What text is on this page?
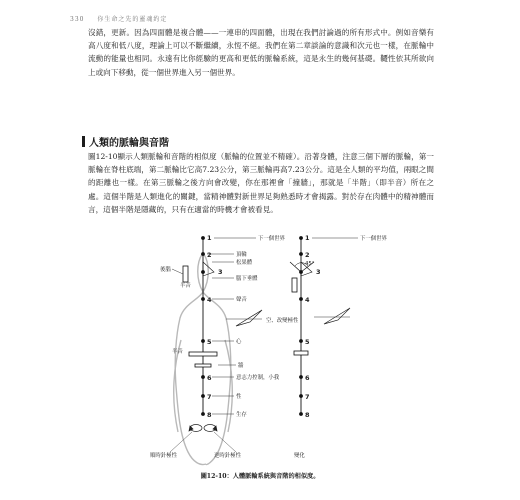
330 你生命之先的靈魂約定

沒錯，更新。因為四面體是複合體——一連串的四面體，出現在我們討論過的所有形式中。例如音樂有高八度和低八度，理論上可以不斷繼續，永恆不絕。我們在第二章談論的意識和次元也一樣，在脈輪中流動的能量也相同。永遠有比你經驗的更高和更低的脈輪系統，這是永生的幾何基礎。韆性依其所欲向上或向下移動，從一個世界進入另一個世界。

人類的脈輪與音階

圖12-10顯示人類脈輪和音階的相似度（脈輪的位置並不精確）。沿著身體，注意三個下層的脈輪，第一脈輪在脊柱底端，第二脈輪比它高7.23公分，第三脈輪再高7.23公分。這是全人類的平均值，兩眼之間的距離也一樣。在第三脈輪之後方向會改變，你在那裡會「撞牆」，那就是「半階」（即半音）所在之處。這個半階是人類進化的關鍵，當精神體對新世界足夠熟悉時才會揭露。對於存在肉體中的精神體而言，這個半階是隱藏的，只有在適當的時機才會被看見。

1
2
3
4
5
6
7
8
下一個世界
頂輪
松果體
腦下垂體
後腦
半音
聲音
空、改變極性
心
半音
牆
意志力控制，小我
性
生存
順時針極性	逆時針極性
1
2
3
4
5
6
7
8
下一個世界
45°
變化
圖12-10：人體脈輪系統與音階的相似度。
